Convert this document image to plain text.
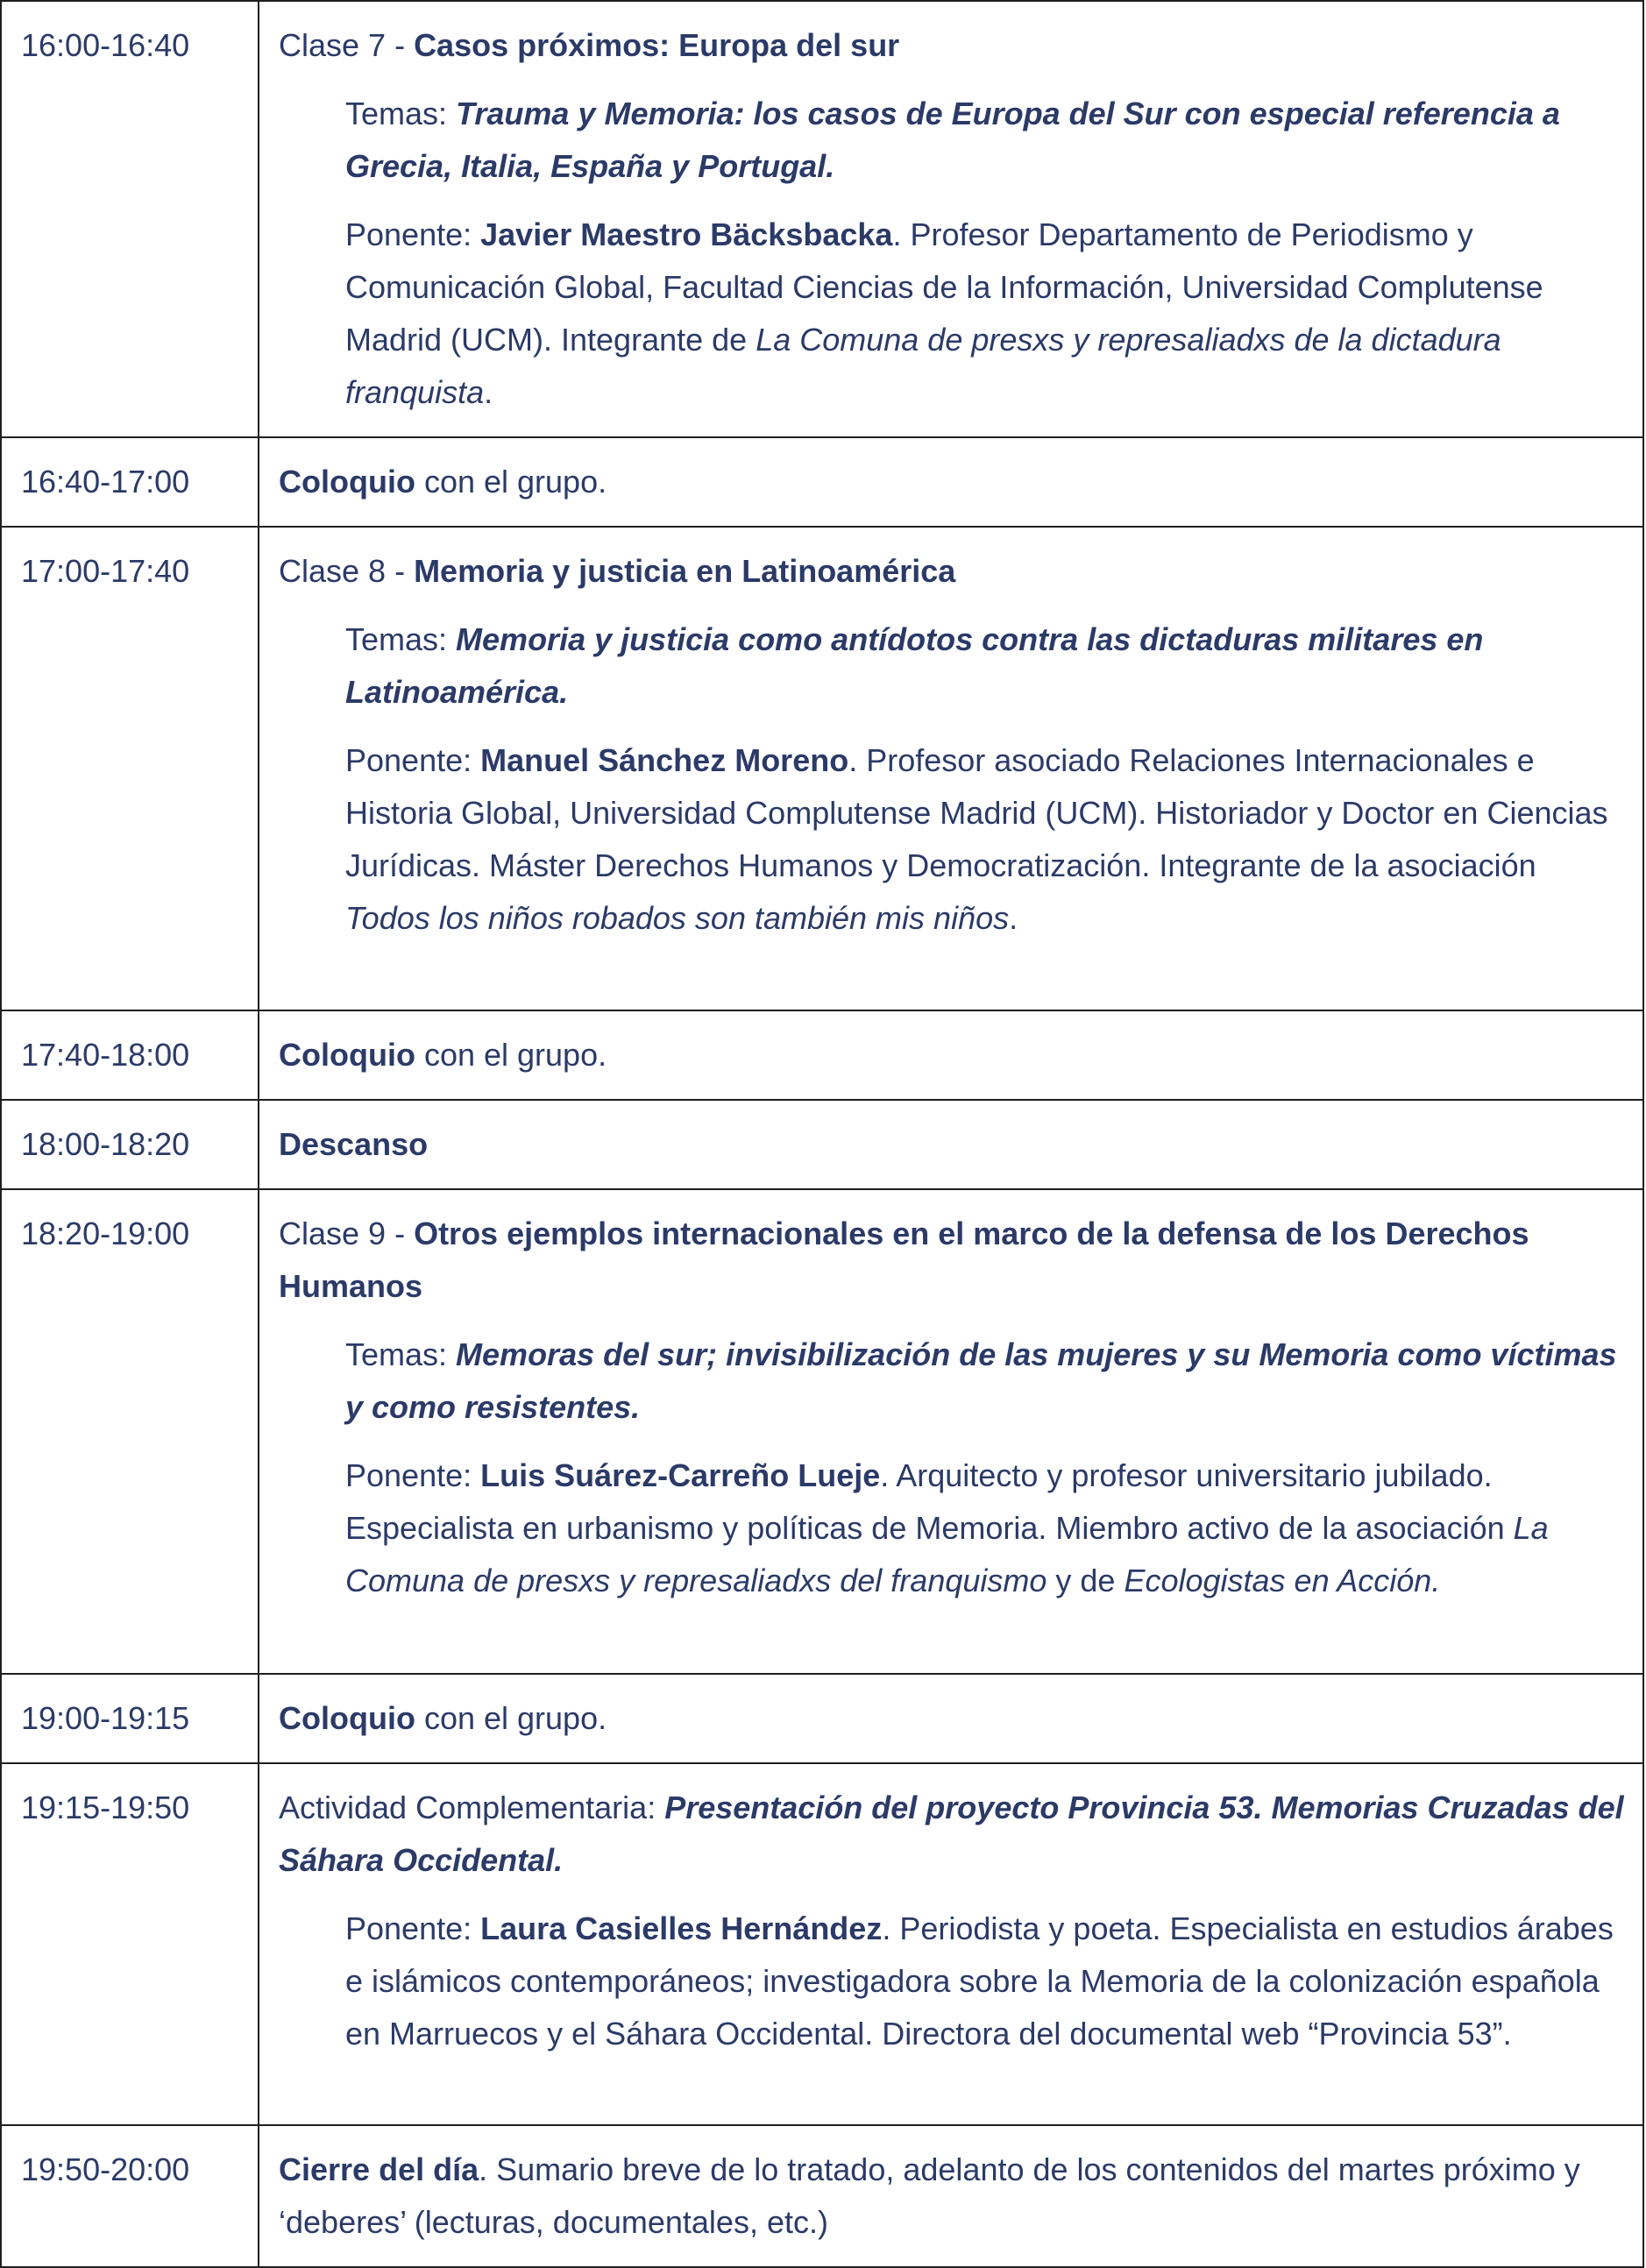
16:00-16:40	Clase 7 - Casos próximos: Europa del sur

Temas: Trauma y Memoria: los casos de Europa del Sur con especial referencia a Grecia, Italia, España y Portugal.

Ponente: Javier Maestro Bäcksbacka. Profesor Departamento de Periodismo y Comunicación Global, Facultad Ciencias de la Información, Universidad Complutense Madrid (UCM). Integrante de La Comuna de presxs y represaliadxs de la dictadura franquista.

16:40-17:00	Coloquio con el grupo.

17:00-17:40	Clase 8 - Memoria y justicia en Latinoamérica

Temas: Memoria y justicia como antídotos contra las dictaduras militares en Latinoamérica.

Ponente: Manuel Sánchez Moreno. Profesor asociado Relaciones Internacionales e Historia Global, Universidad Complutense Madrid (UCM). Historiador y Doctor en Ciencias Jurídicas. Máster Derechos Humanos y Democratización. Integrante de la asociación Todos los niños robados son también mis niños.

17:40-18:00	Coloquio con el grupo.

18:00-18:20	Descanso

18:20-19:00	Clase 9 - Otros ejemplos internacionales en el marco de la defensa de los Derechos Humanos

Temas: Memoras del sur; invisibilización de las mujeres y su Memoria como víctimas y como resistentes.

Ponente: Luis Suárez-Carreño Lueje. Arquitecto y profesor universitario jubilado. Especialista en urbanismo y políticas de Memoria. Miembro activo de la asociación La Comuna de presxs y represaliadxs del franquismo y de Ecologistas en Acción.

19:00-19:15	Coloquio con el grupo.

19:15-19:50	Actividad Complementaria: Presentación del proyecto Provincia 53. Memorias Cruzadas del Sáhara Occidental.

Ponente: Laura Casielles Hernández. Periodista y poeta. Especialista en estudios árabes e islámicos contemporáneos; investigadora sobre la Memoria de la colonización española en Marruecos y el Sáhara Occidental. Directora del documental web “Provincia 53”.

19:50-20:00	Cierre del día. Sumario breve de lo tratado, adelanto de los contenidos del martes próximo y ‘deberes’ (lecturas, documentales, etc.)
